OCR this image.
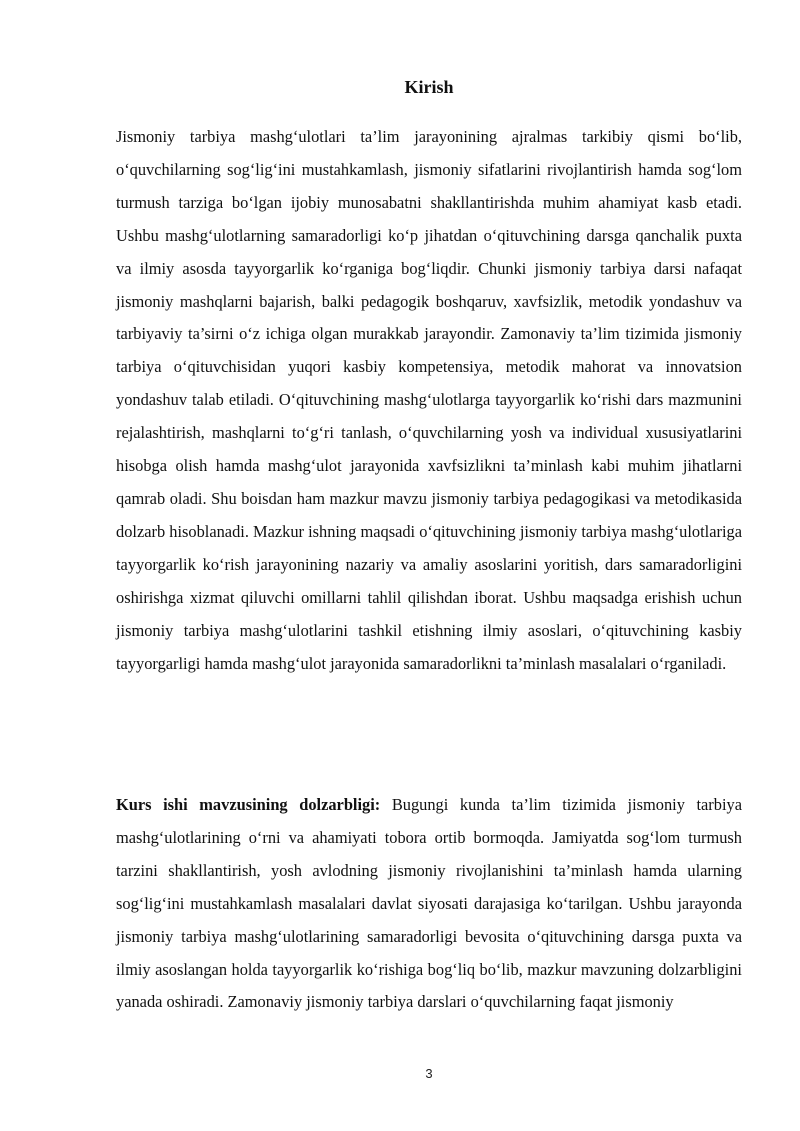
Kirish

Jismoniy tarbiya mashg‘ulotlari ta’lim jarayonining ajralmas tarkibiy qismi bo‘lib, o‘quvchilarning sog‘lig‘ini mustahkamlash, jismoniy sifatlarini rivojlantirish hamda sog‘lom turmush tarziga bo‘lgan ijobiy munosabatni shakllantirishda muhim ahamiyat kasb etadi. Ushbu mashg‘ulotlarning samaradorligi ko‘p jihatdan o‘qituvchining darsga qanchalik puxta va ilmiy asosda tayyorgarlik ko‘rganiga bog‘liqdir. Chunki jismoniy tarbiya darsi nafaqat jismoniy mashqlarni bajarish, balki pedagogik boshqaruv, xavfsizlik, metodik yondashuv va tarbiyaviy ta’sirni o‘z ichiga olgan murakkab jarayondir. Zamonaviy ta’lim tizimida jismoniy tarbiya o‘qituvchisidan yuqori kasbiy kompetensiya, metodik mahorat va innovatsion yondashuv talab etiladi. O‘qituvchining mashg‘ulotlarga tayyorgarlik ko‘rishi dars mazmunini rejalashtirish, mashqlarni to‘g‘ri tanlash, o‘quvchilarning yosh va individual xususiyatlarini hisobga olish hamda mashg‘ulot jarayonida xavfsizlikni ta’minlash kabi muhim jihatlarni qamrab oladi. Shu boisdan ham mazkur mavzu jismoniy tarbiya pedagogikasi va metodikasida dolzarb hisoblanadi. Mazkur ishning maqsadi o‘qituvchining jismoniy tarbiya mashg‘ulotlariga tayyorgarlik ko‘rish jarayonining nazariy va amaliy asoslarini yoritish, dars samaradorligini oshirishga xizmat qiluvchi omillarni tahlil qilishdan iborat. Ushbu maqsadga erishish uchun jismoniy tarbiya mashg‘ulotlarini tashkil etishning ilmiy asoslari, o‘qituvchining kasbiy tayyorgarligi hamda mashg‘ulot jarayonida samaradorlikni ta’minlash masalalari o‘rganiladi.

Kurs ishi mavzusining dolzarbligi: Bugungi kunda ta’lim tizimida jismoniy tarbiya mashg‘ulotlarining o‘rni va ahamiyati tobora ortib bormoqda. Jamiyatda sog‘lom turmush tarzini shakllantirish, yosh avlodning jismoniy rivojlanishini ta’minlash hamda ularning sog‘lig‘ini mustahkamlash masalalari davlat siyosati darajasiga ko‘tarilgan. Ushbu jarayonda jismoniy tarbiya mashg‘ulotlarining samaradorligi bevosita o‘qituvchining darsga puxta va ilmiy asoslangan holda tayyorgarlik ko‘rishiga bog‘liq bo‘lib, mazkur mavzuning dolzarbligini yanada oshiradi. Zamonaviy jismoniy tarbiya darslari o‘quvchilarning faqat jismoniy

3
